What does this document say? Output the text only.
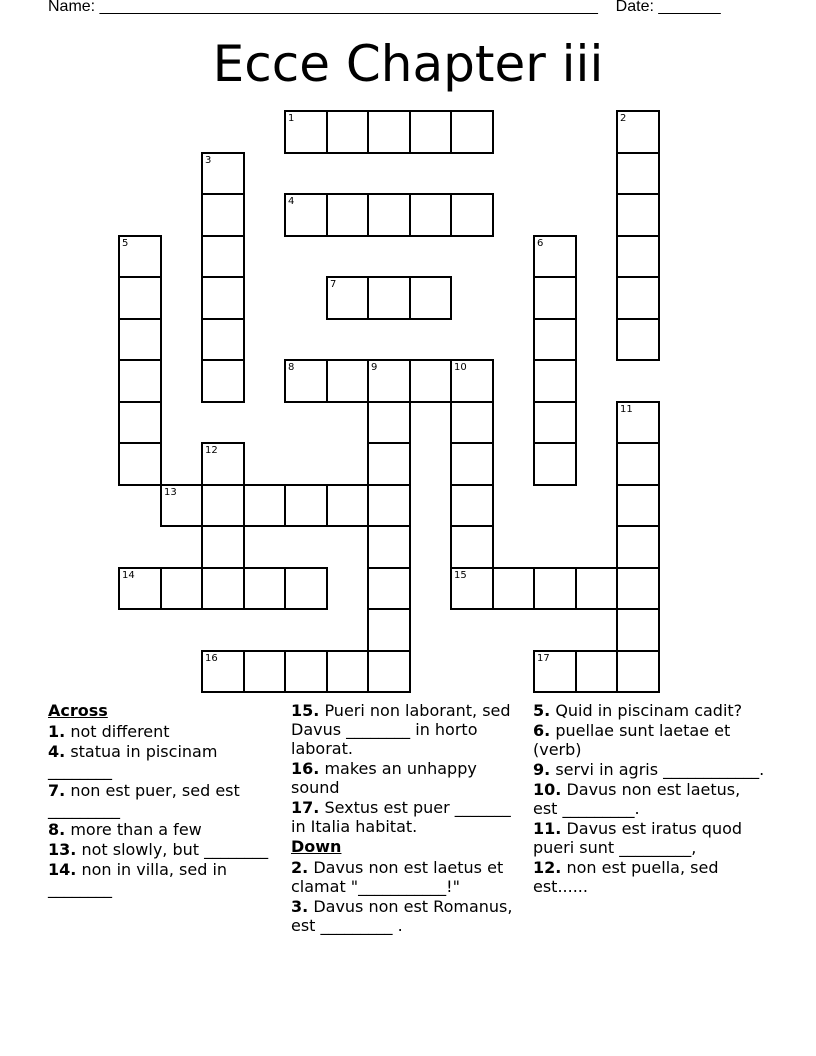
Name: ________________________________________________________ Date: _______
Ecce Chapter iii
1	2
3
4
5	6
7
8	9	10
15
11
12
13
14
16	17
Across
1. not different
4. statua in piscinam ________
7. non est puer, sed est _________
8. more than a few
13. not slowly, but ________
14. non in villa, sed in ________
15. Pueri non laborant, sed Davus ________ in horto laborat.
16. makes an unhappy sound
17. Sextus est puer _______ in Italia habitat.
Down
2. Davus non est laetus et clamat "___________!"
3. Davus non est Romanus, est _________ .
5. Quid in piscinam cadit?
6. puellae sunt laetae et (verb)
9. servi in agris ____________.
10. Davus non est laetus, est _________.
11. Davus est iratus quod pueri sunt _________,
12. non est puella, sed est......
